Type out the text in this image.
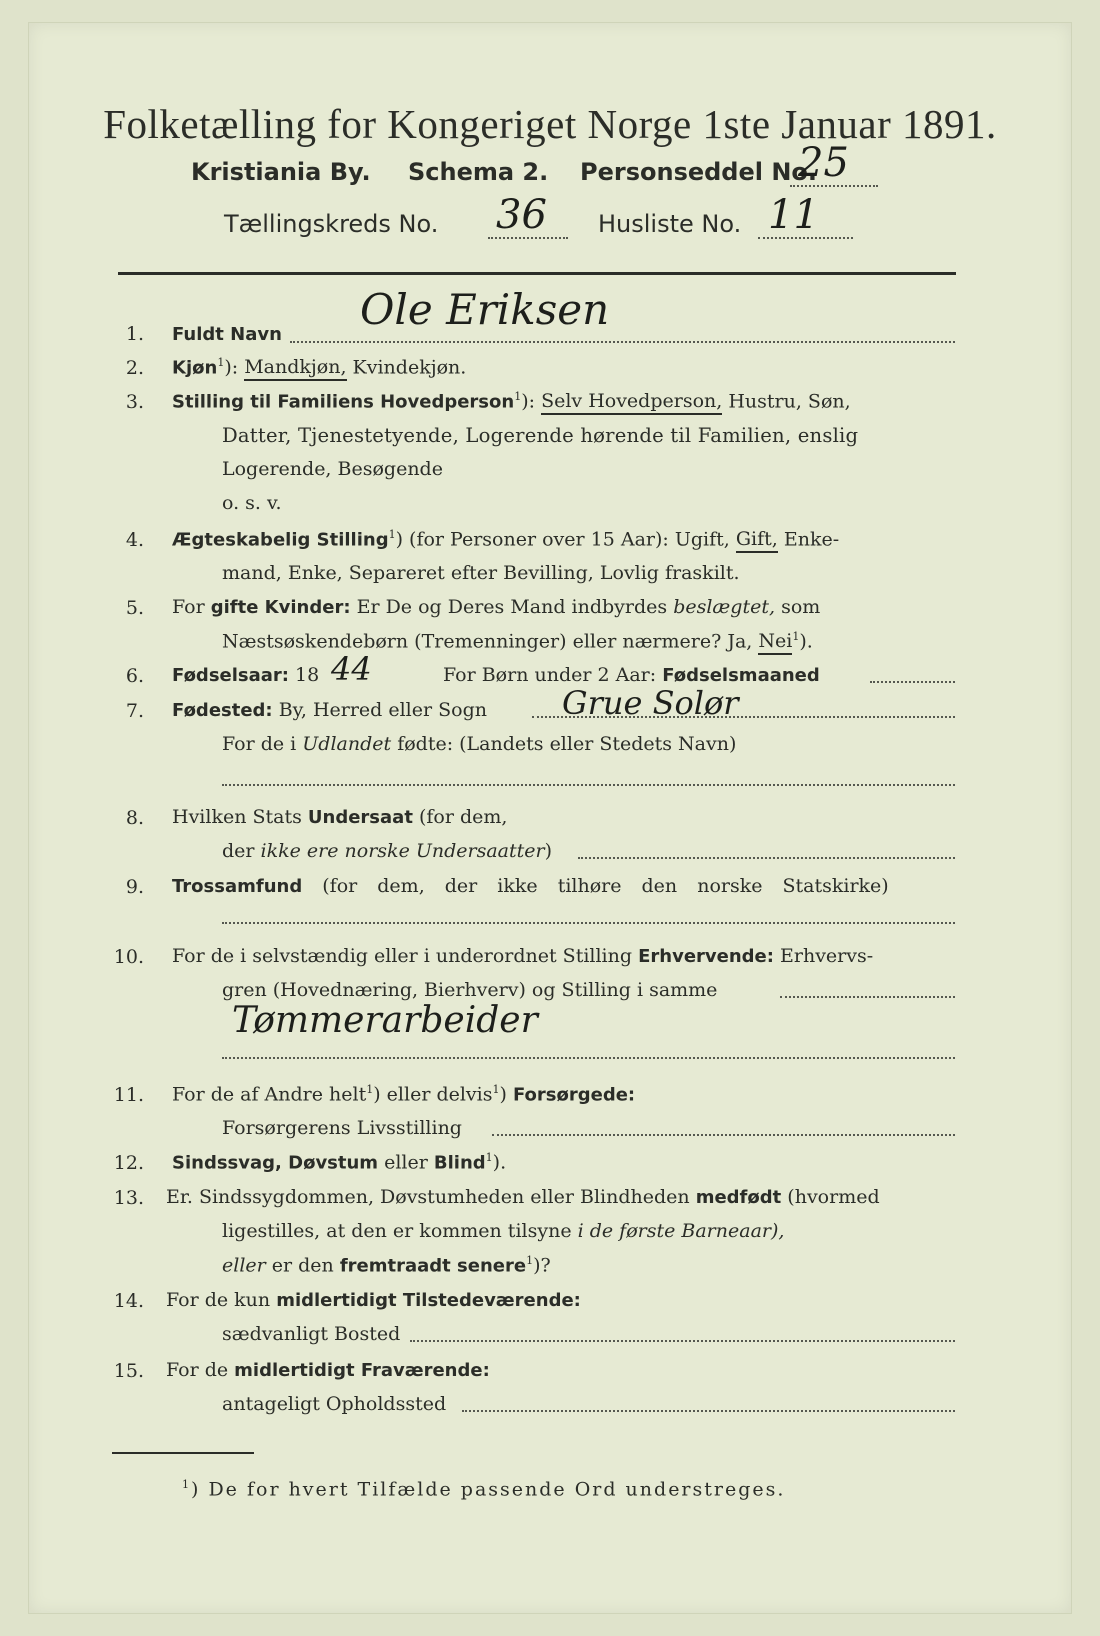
Folketælling for Kongeriget Norge 1ste Januar 1891.
Kristiania By. Schema 2. Personseddel No.
25
Tællingskreds No. 36 Husliste No. 11
1. Fuldt Navn
Ole Eriksen
2. Kjøn$^1$): Mandkjøn, Kvindekjøn.
3. Stilling til Familiens Hovedperson$^1$): Selv Hovedperson, Hustru, Søn,
Datter, Tjenestetyende, Logerende hørende til Familien, enslig
Logerende, Besøgende
o. s. v.
4. Ægteskabelig Stilling$^1$) (for Personer over 15 Aar): Ugift, Gift, Enke-
mand, Enke, Separeret efter Bevilling, Lovlig fraskilt.
5. For gifte Kvinder: Er De og Deres Mand indbyrdes beslægtet, som
Næstsøskendebørn (Tremenninger) eller nærmere? Ja, Nei$^1$).
6. Fødselsaar: 18 44	For Børn under 2 Aar: Fødselsmaaned
7. Fødested: By, Herred eller Sogn Grue Solør
For de i Udlandet fødte: (Landets eller Stedets Navn)
8. Hvilken Stats Undersaat (for dem,
der ikke ere norske Undersaatter)
9. Trossamfund (for dem, der ikke tilhøre den norske Statskirke)
10. For de i selvstændig eller i underordnet Stilling Erhvervende: Erhvervs-
gren (Hovednæring, Bierhverv) og Stilling i samme
Tømmerarbeider
11. For de af Andre helt$^1$) eller delvis$^1$) Forsørgede:
Forsørgerens Livsstilling
12. Sindssvag, Døvstum eller Blind$^1$).
13. Er. Sindssygdommen, Døvstumheden eller Blindheden medfødt (hvormed
ligestilles, at den er kommen tilsyne i de første Barneaar),
eller er den fremtraadt senere$^1$)?
14. For de kun midlertidigt Tilstedeværende:
sædvanligt Bosted
15. For de midlertidigt Fraværende:
antageligt Opholdssted
$^1$) De for hvert Tilfælde passende Ord understreges.
